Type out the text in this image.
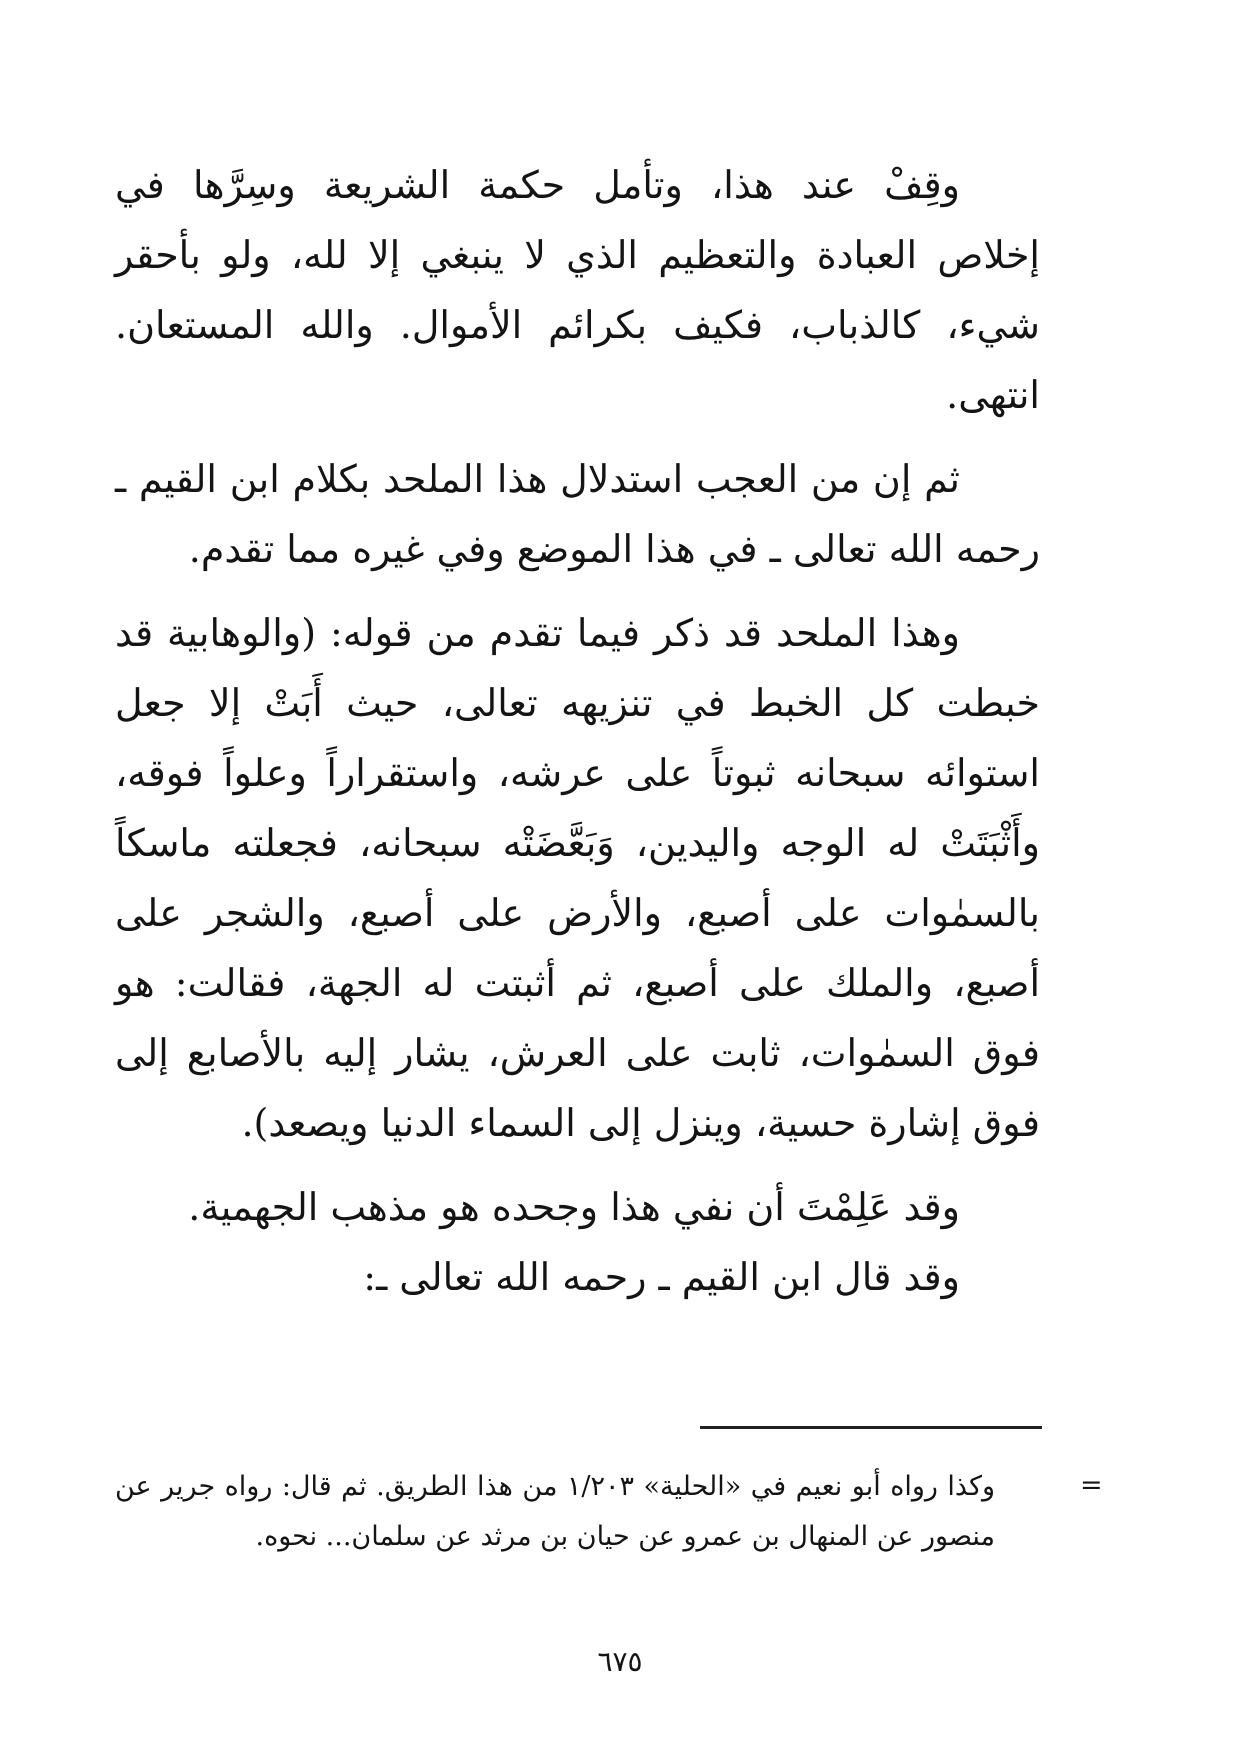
وقِفْ عند هذا، وتأمل حكمة الشريعة وسِرَّها في إخلاص العبادة والتعظيم الذي لا ينبغي إلا لله، ولو بأحقر شيء، كالذباب، فكيف بكرائم الأموال. والله المستعان. انتهى.

ثم إن من العجب استدلال هذا الملحد بكلام ابن القيم ـ رحمه الله تعالى ـ في هذا الموضع وفي غيره مما تقدم.

وهذا الملحد قد ذكر فيما تقدم من قوله: (والوهابية قد خبطت كل الخبط في تنزيهه تعالى، حيث أَبَتْ إلا جعل استوائه سبحانه ثبوتاً على عرشه، واستقراراً وعلواً فوقه، وأَثْبَتَتْ له الوجه واليدين، وَبَعَّضَتْه سبحانه، فجعلته ماسكاً بالسمٰوات على أصبع، والأرض على أصبع، والشجر على أصبع، والملك على أصبع، ثم أثبتت له الجهة، فقالت: هو فوق السمٰوات، ثابت على العرش، يشار إليه بالأصابع إلى فوق إشارة حسية، وينزل إلى السماء الدنيا ويصعد).

وقد عَلِمْتَ أن نفي هذا وجحده هو مذهب الجهمية.

وقد قال ابن القيم ـ رحمه الله تعالى ـ:

=
وكذا رواه أبو نعيم في «الحلية» ١/٢٠٣ من هذا الطريق. ثم قال: رواه جرير عن منصور عن المنهال بن عمرو عن حيان بن مرثد عن سلمان... نحوه.
٦٧٥
